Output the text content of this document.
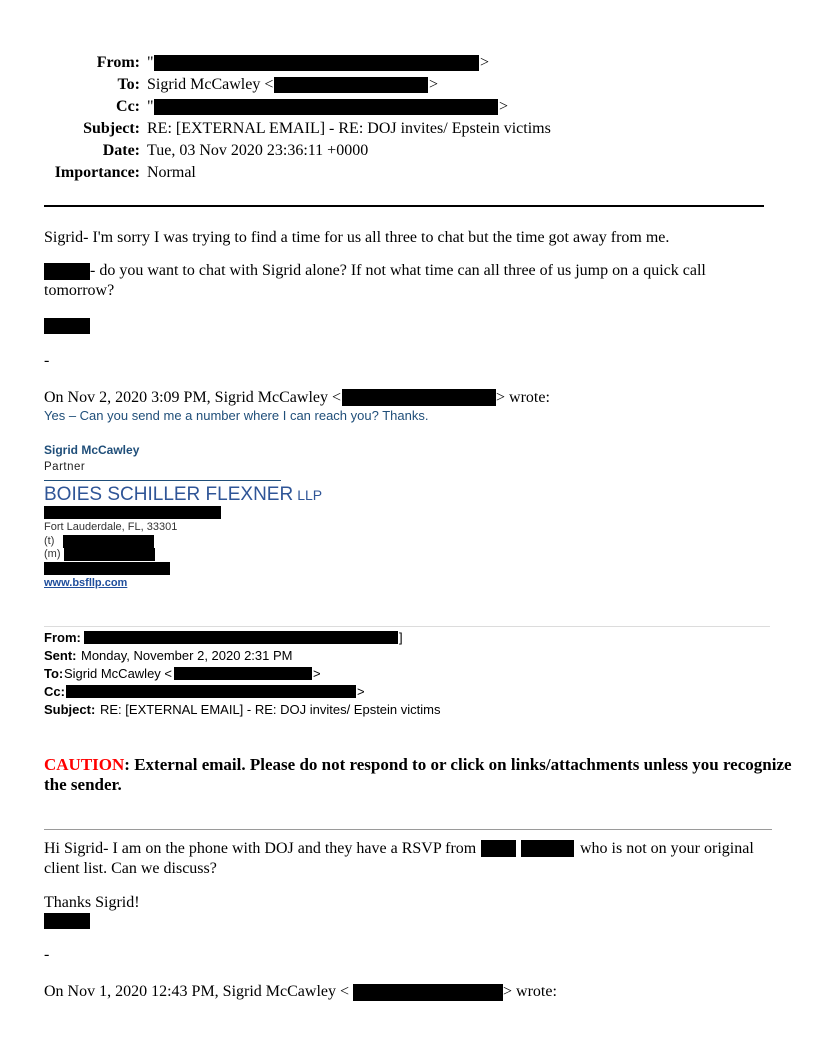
From: "	>
To: Sigrid McCawley <	>
Cc: "	>
Subject: RE: [EXTERNAL EMAIL] - RE: DOJ invites/ Epstein victims
Date: Tue, 03 Nov 2020 23:36:11 +0000
Importance: Normal
Sigrid- I'm sorry I was trying to find a time for us all three to chat but the time got away from me.
- do you want to chat with Sigrid alone? If not what time can all three of us jump on a quick call
tomorrow?
-
On Nov 2, 2020 3:09 PM, Sigrid McCawley <	> wrote:
Yes – Can you send me a number where I can reach you? Thanks.
Sigrid McCawley
Partner
BOIES SCHILLER FLEXNER LLP
Fort Lauderdale, FL, 33301
(t)
(m)
www.bsfllp.com
From:	]
Sent: Monday, November 2, 2020 2:31 PM
To: Sigrid McCawley <	>
Cc:	>
Subject: RE: [EXTERNAL EMAIL] - RE: DOJ invites/ Epstein victims
CAUTION: External email. Please do not respond to or click on links/attachments unless you recognize
the sender.
Hi Sigrid- I am on the phone with DOJ and they have a RSVP from	who is not on your original
client list. Can we discuss?
Thanks Sigrid!
-
On Nov 1, 2020 12:43 PM, Sigrid McCawley <	> wrote:
